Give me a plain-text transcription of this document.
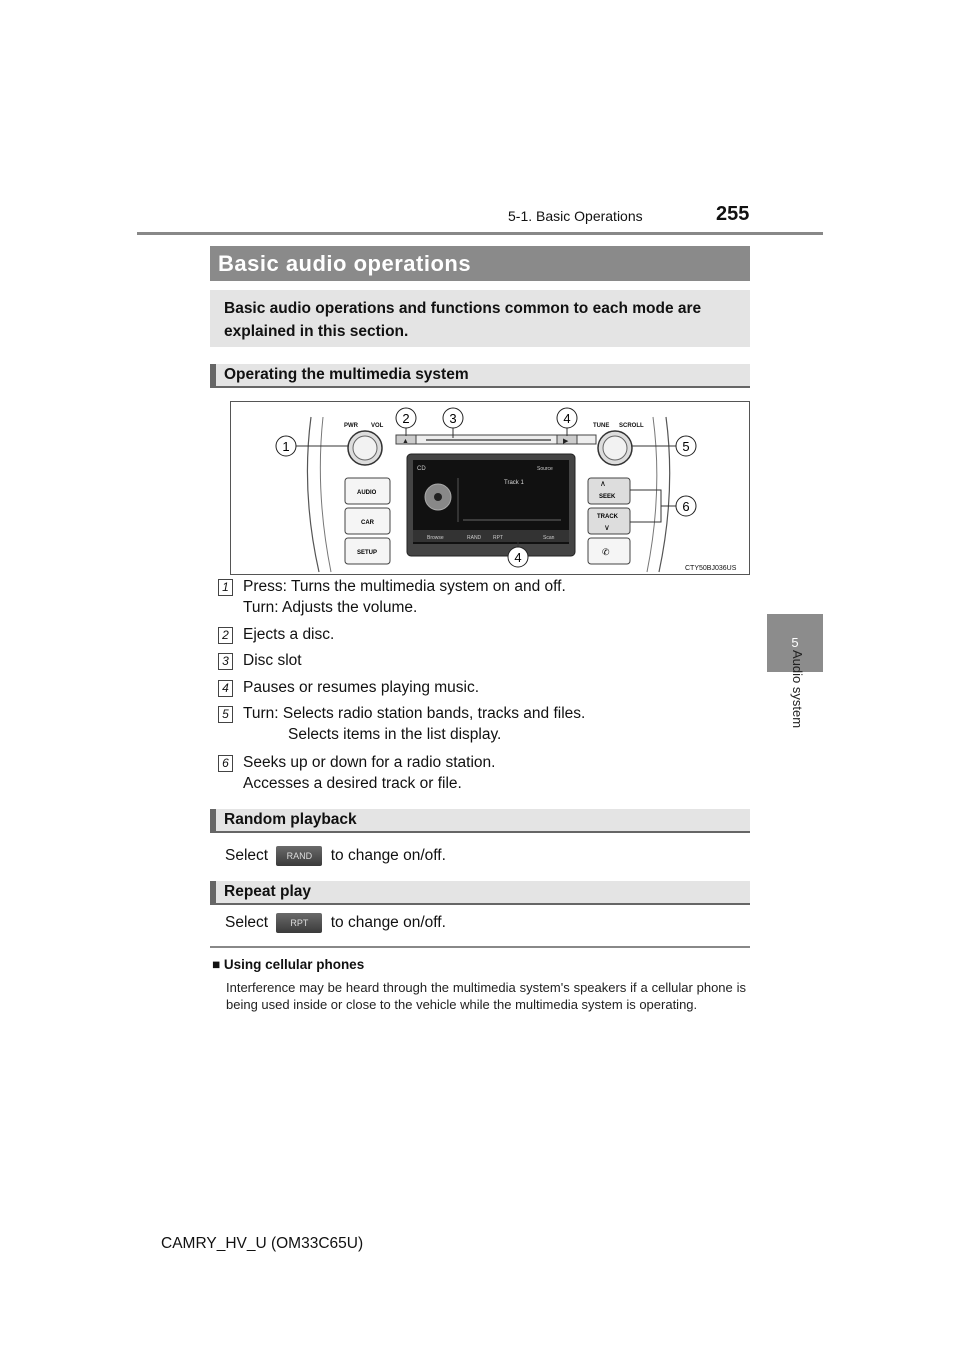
5-1. Basic Operations	255
5
Audio system
Basic audio operations
Basic audio operations and functions common to each mode are explained in this section.
Operating the multimedia system
▲	▶
PWR VOL	TUNE SCROLL
AUDIO
CAR
SETUP
∧
SEEK
TRACK
∨
✆
CD	Source
Track 1
Browse	RAND RPT	Scan
1
2	3	4
5
6
4
CTY50BJ036US
1 Press: Turns the multimedia system on and off.
Turn: Adjusts the volume.
2 Ejects a disc.
3 Disc slot
4 Pauses or resumes playing music.
5 Turn: Selects radio station bands, tracks and files.
Selects items in the list display.
6 Seeks up or down for a radio station.
Accesses a desired track or file.
Random playback
Select RAND to change on/off.
Repeat play
Select RPT to change on/off.
■ Using cellular phones
Interference may be heard through the multimedia system's speakers if a cellular phone is being used inside or close to the vehicle while the multimedia system is operating.
CAMRY_HV_U (OM33C65U)
